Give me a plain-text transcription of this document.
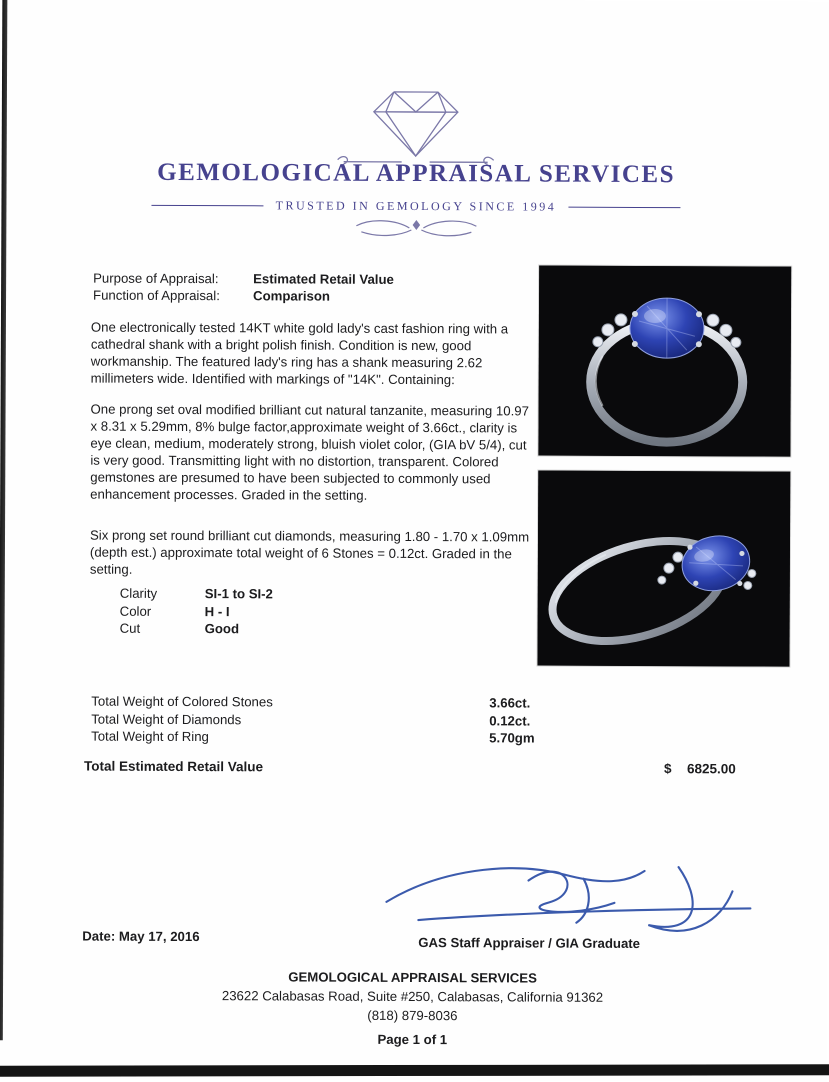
GEMOLOGICAL APPRAISAL SERVICES
TRUSTED IN GEMOLOGY SINCE 1994
Purpose of Appraisal:	Estimated Retail Value
Function of Appraisal:	Comparison
One electronically tested 14KT white gold lady's cast fashion ring with a cathedral shank with a bright polish finish. Condition is new, good workmanship. The featured lady's ring has a shank measuring 2.62 millimeters wide. Identified with markings of "14K". Containing:
One prong set oval modified brilliant cut natural tanzanite, measuring 10.97 x 8.31 x 5.29mm, 8% bulge factor,approximate weight of 3.66ct., clarity is eye clean, medium, moderately strong, bluish violet color, (GIA bV 5/4), cut is very good. Transmitting light with no distortion, transparent. Colored gemstones are presumed to have been subjected to commonly used enhancement processes. Graded in the setting.
Six prong set round brilliant cut diamonds, measuring 1.80 - 1.70 x 1.09mm (depth est.) approximate total weight of 6 Stones = 0.12ct. Graded in the setting.
Clarity	SI-1 to SI-2
Color	H - I
Cut	Good
Total Weight of Colored Stones	3.66ct.
Total Weight of Diamonds	0.12ct.
Total Weight of Ring	5.70gm
Total Estimated Retail Value	$ 6825.00
Date: May 17, 2016	GAS Staff Appraiser / GIA Graduate
GEMOLOGICAL APPRAISAL SERVICES
23622 Calabasas Road, Suite #250, Calabasas, California 91362
(818) 879-8036
Page 1 of 1
